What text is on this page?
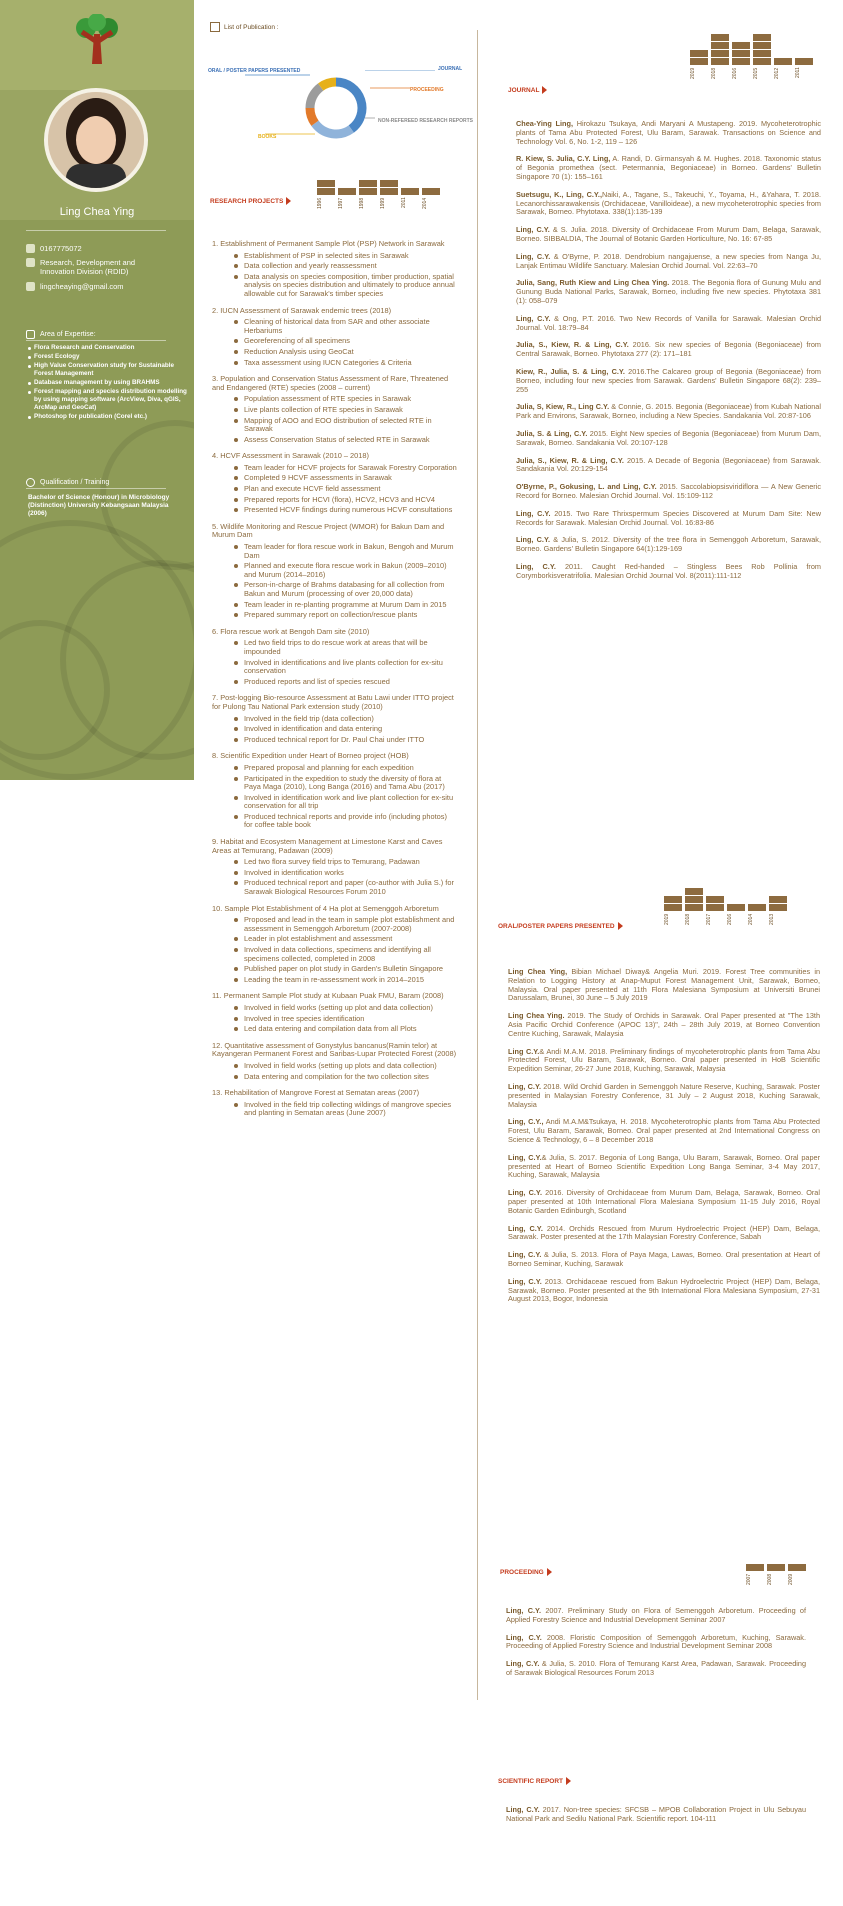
Ling Chea Ying
0167775072
Research, Development and Innovation Division (RDID)
lingcheaying@gmail.com
Area of Expertise:
Flora Research and Conservation
Forest Ecology
High Value Conservation study for Sustainable Forest Management
Database management by using BRAHMS
Forest mapping and species distribution modelling by using mapping software (ArcView, Diva, qGIS, ArcMap and GeoCat)
Photoshop for publication (Corel etc.)
Qualification / Training
Bachelor of Science (Honour) in Microbiology (Distinction) University Kebangsaan Malaysia (2006)
List of Publication :
ORAL / POSTER PAPERS PRESENTED	JOURNAL
PROCEEDING
NON-REFEREED RESEARCH REPORTS
BOOKS
RESEARCH PROJECTS	1996	1997	1998	1999	2011	2014
1. Establishment of Permanent Sample Plot (PSP) Network in Sarawak
Establishment of PSP in selected sites in Sarawak
Data collection and yearly reassessment
Data analysis on species composition, timber production, spatial analysis on species distribution and ultimately to produce annual allowable cut for Sarawak's timber species
2. IUCN Assessment of Sarawak endemic trees (2018)
Cleaning of historical data from SAR and other associate Herbariums
Georeferencing of all specimens
Reduction Analysis using GeoCat
Taxa assessment using IUCN Categories & Criteria
3. Population and Conservation Status Assessment of Rare, Threatened and Endangered (RTE) species (2008 – current)
Population assessment of RTE species in Sarawak
Live plants collection of RTE species in Sarawak
Mapping of AOO and EOO distribution of selected RTE in Sarawak
Assess Conservation Status of selected RTE in Sarawak
4. HCVF Assessment in Sarawak (2010 – 2018)
Team leader for HCVF projects for Sarawak Forestry Corporation
Completed 9 HCVF assessments in Sarawak
Plan and execute HCVF field assessment
Prepared reports for HCVI (flora), HCV2, HCV3 and HCV4
Presented HCVF findings during numerous HCVF consultations
5. Wildlife Monitoring and Rescue Project (WMOR) for Bakun Dam and Murum Dam
Team leader for flora rescue work in Bakun, Bengoh and Murum Dam
Planned and execute flora rescue work in Bakun (2009–2010) and Murum (2014–2016)
Person-in-charge of Brahms databasing for all collection from Bakun and Murum (processing of over 20,000 data)
Team leader in re-planting programme at Murum Dam in 2015
Prepared summary report on collection/rescue plants
6. Flora rescue work at Bengoh Dam site (2010)
Led two field trips to do rescue work at areas that will be impounded
Involved in identifications and live plants collection for ex-situ conservation
Produced reports and list of species rescued
7. Post-logging Bio-resource Assessment at Batu Lawi under ITTO project for Pulong Tau National Park extension study (2010)
Involved in the field trip (data collection)
Involved in identification and data entering
Produced technical report for Dr. Paul Chai under ITTO
8. Scientific Expedition under Heart of Borneo project (HOB)
Prepared proposal and planning for each expedition
Participated in the expedition to study the diversity of flora at Paya Maga (2010), Long Banga (2016) and Tama Abu (2017)
Involved in identification work and live plant collection for ex-situ conservation for all trip
Produced technical reports and provide info (including photos) for coffee table book
9. Habitat and Ecosystem Management at Limestone Karst and Caves Areas at Temurang, Padawan (2009)
Led two flora survey field trips to Temurang, Padawan
Involved in identification works
Produced technical report and paper (co-author with Julia S.) for Sarawak Biological Resources Forum 2010
10. Sample Plot Establishment of 4 Ha plot at Semenggoh Arboretum
Proposed and lead in the team in sample plot establishment and assessment in Semenggoh Arboretum (2007-2008)
Leader in plot establishment and assessment
Involved in data collections, specimens and identifying all specimens collected, completed in 2008
Published paper on plot study in Garden's Bulletin Singapore
Leading the team in re-assessment work in 2014–2015
11. Permanent Sample Plot study at Kubaan Puak FMU, Baram (2008)
Involved in field works (setting up plot and data collection)
Involved in tree species identification
Led data entering and compilation data from all Plots
12. Quantitative assessment of Gonystylus bancanus(Ramin telor) at Kayangeran Permanent Forest and Saribas-Lupar Protected Forest (2008)
Involved in field works (setting up plots and data collection)
Data entering and compilation for the two collection sites
13. Rehabilitation of Mangrove Forest at Sematan areas (2007)
Involved in the field trip collecting wildings of mangrove species and planting in Sematan areas (June 2007)
JOURNAL
2019	2018	2016	2015	2012	2011

Chea-Ying Ling, Hirokazu Tsukaya, Andi Maryani A Mustapeng. 2019. Mycoheterotrophic plants of Tama Abu Protected Forest, Ulu Baram, Sarawak. Transactions on Science and Technology Vol. 6, No. 1-2, 119 – 126

R. Kiew, S. Julia, C.Y. Ling, A. Randi, D. Girmansyah & M. Hughes. 2018. Taxonomic status of Begonia promethea (sect. Petermannia, Begoniaceae) in Borneo. Gardens' Bulletin Singapore 70 (1): 155–161

Suetsugu, K., Ling, C.Y.,Naiki, A., Tagane, S., Takeuchi, Y., Toyama, H., &Yahara, T. 2018. Lecanorchissarawakensis (Orchidaceae, Vanilloideae), a new mycoheterotrophic species from Sarawak, Borneo. Phytotaxa. 338(1):135-139

Ling, C.Y. & S. Julia. 2018. Diversity of Orchidaceae From Murum Dam, Belaga, Sarawak, Borneo. SIBBALDIA, The Journal of Botanic Garden Horticulture, No. 16: 67-85

Ling, C.Y. & O'Byrne, P. 2018. Dendrobium nangajuense, a new species from Nanga Ju, Lanjak Entimau Wildlife Sanctuary. Malesian Orchid Journal. Vol. 22:63–70

Julia, Sang, Ruth Kiew and Ling Chea Ying. 2018. The Begonia flora of Gunung Mulu and Gunung Buda National Parks, Sarawak, Borneo, including five new species. Phytotaxa 381 (1): 058–079

Ling, C.Y. & Ong, P.T. 2016. Two New Records of Vanilla for Sarawak. Malesian Orchid Journal. Vol. 18:79–84

Julia, S., Kiew, R. & Ling, C.Y. 2016. Six new species of Begonia (Begoniaceae) from Central Sarawak, Borneo. Phytotaxa 277 (2): 171–181

Kiew, R., Julia, S. & Ling, C.Y. 2016.The Calcareo group of Begonia (Begoniaceae) from Borneo, including four new species from Sarawak. Gardens' Bulletin Singapore 68(2): 239–255

Julia, S, Kiew, R., Ling C.Y. & Connie, G. 2015. Begonia (Begoniaceae) from Kubah National Park and Environs, Sarawak, Borneo, including a New Species. Sandakania Vol. 20:87-106

Julia, S. & Ling, C.Y. 2015. Eight New species of Begonia (Begoniaceae) from Murum Dam, Sarawak, Borneo. Sandakania Vol. 20:107-128

Julia, S., Kiew, R. & Ling, C.Y. 2015. A Decade of Begonia (Begoniaceae) from Sarawak. Sandakania Vol. 20:129-154

O'Byrne, P., Gokusing, L. and Ling, C.Y. 2015. Saccolabiopsisviridiflora — A New Generic Record for Borneo. Malesian Orchid Journal. Vol. 15:109-112

Ling, C.Y. 2015. Two Rare Thrixspermum Species Discovered at Murum Dam Site: New Records for Sarawak. Malesian Orchid Journal. Vol. 16:83-86

Ling, C.Y. & Julia, S. 2012. Diversity of the tree flora in Semenggoh Arboretum, Sarawak, Borneo. Gardens' Bulletin Singapore 64(1):129-169

Ling, C.Y. 2011. Caught Red-handed – Stingless Bees Rob Pollinia from Corymborkisveratrifolia. Malesian Orchid Journal Vol. 8(2011):111-112

ORAL/POSTER PAPERS PRESENTED
2019	2018	2017	2016	2014	2013

Ling Chea Ying, Bibian Michael Diway& Angelia Muri. 2019. Forest Tree communities in Relation to Logging History at Anap-Muput Forest Management Unit, Sarawak, Borneo, Malaysia. Oral paper presented at 11th Flora Malesiana Symposium at Universiti Brunei Darussalam, Brunei, 30 June – 5 July 2019

Ling Chea Ying. 2019. The Study of Orchids in Sarawak. Oral Paper presented at "The 13th Asia Pacific Orchid Conference (APOC 13)", 24th – 28th July 2019, at Borneo Convention Centre Kuching, Sarawak, Malaysia

Ling C.Y.& Andi M.A.M. 2018. Preliminary findings of mycoheterotrophic plants from Tama Abu Protected Forest, Ulu Baram, Sarawak, Borneo. Oral paper presented in HoB Scientific Expedition Seminar, 26-27 June 2018, Kuching, Sarawak, Malaysia

Ling, C.Y. 2018. Wild Orchid Garden in Semenggoh Nature Reserve, Kuching, Sarawak. Poster presented in Malaysian Forestry Conference, 31 July – 2 August 2018, Kuching Sarawak, Malaysia

Ling, C.Y., Andi M.A.M&Tsukaya, H. 2018. Mycoheterotrophic plants from Tama Abu Protected Forest, Ulu Baram, Sarawak, Borneo. Oral paper presented at 2nd International Congress on Science & Technology, 6 – 8 December 2018

Ling, C.Y.& Julia, S. 2017. Begonia of Long Banga, Ulu Baram, Sarawak, Borneo. Oral paper presented at Heart of Borneo Scientific Expedition Long Banga Seminar, 3-4 May 2017, Kuching, Sarawak, Malaysia

Ling, C.Y. 2016. Diversity of Orchidaceae from Murum Dam, Belaga, Sarawak, Borneo. Oral paper presented at 10th International Flora Malesiana Symposium 11-15 July 2016, Royal Botanic Garden Edinburgh, Scotland

Ling, C.Y. 2014. Orchids Rescued from Murum Hydroelectric Project (HEP) Dam, Belaga, Sarawak. Poster presented at the 17th Malaysian Forestry Conference, Sabah

Ling, C.Y. & Julia, S. 2013. Flora of Paya Maga, Lawas, Borneo. Oral presentation at Heart of Borneo Seminar, Kuching, Sarawak

Ling, C.Y. 2013. Orchidaceae rescued from Bakun Hydroelectric Project (HEP) Dam, Belaga, Sarawak, Borneo. Poster presented at the 9th International Flora Malesiana Symposium, 27-31 August 2013, Bogor, Indonesia

PROCEEDING
2007	2008	2009

Ling, C.Y. 2007. Preliminary Study on Flora of Semenggoh Arboretum. Proceeding of Applied Forestry Science and Industrial Development Seminar 2007

Ling, C.Y. 2008. Floristic Composition of Semenggoh Arboretum, Kuching, Sarawak. Proceeding of Applied Forestry Science and Industrial Development Seminar 2008

Ling, C.Y. & Julia, S. 2010. Flora of Temurang Karst Area, Padawan, Sarawak. Proceeding of Sarawak Biological Resources Forum 2013

SCIENTIFIC REPORT

Ling, C.Y. 2017. Non-tree species: SFCSB – MPOB Collaboration Project in Ulu Sebuyau National Park and Sedilu National Park. Scientific report. 104-111
